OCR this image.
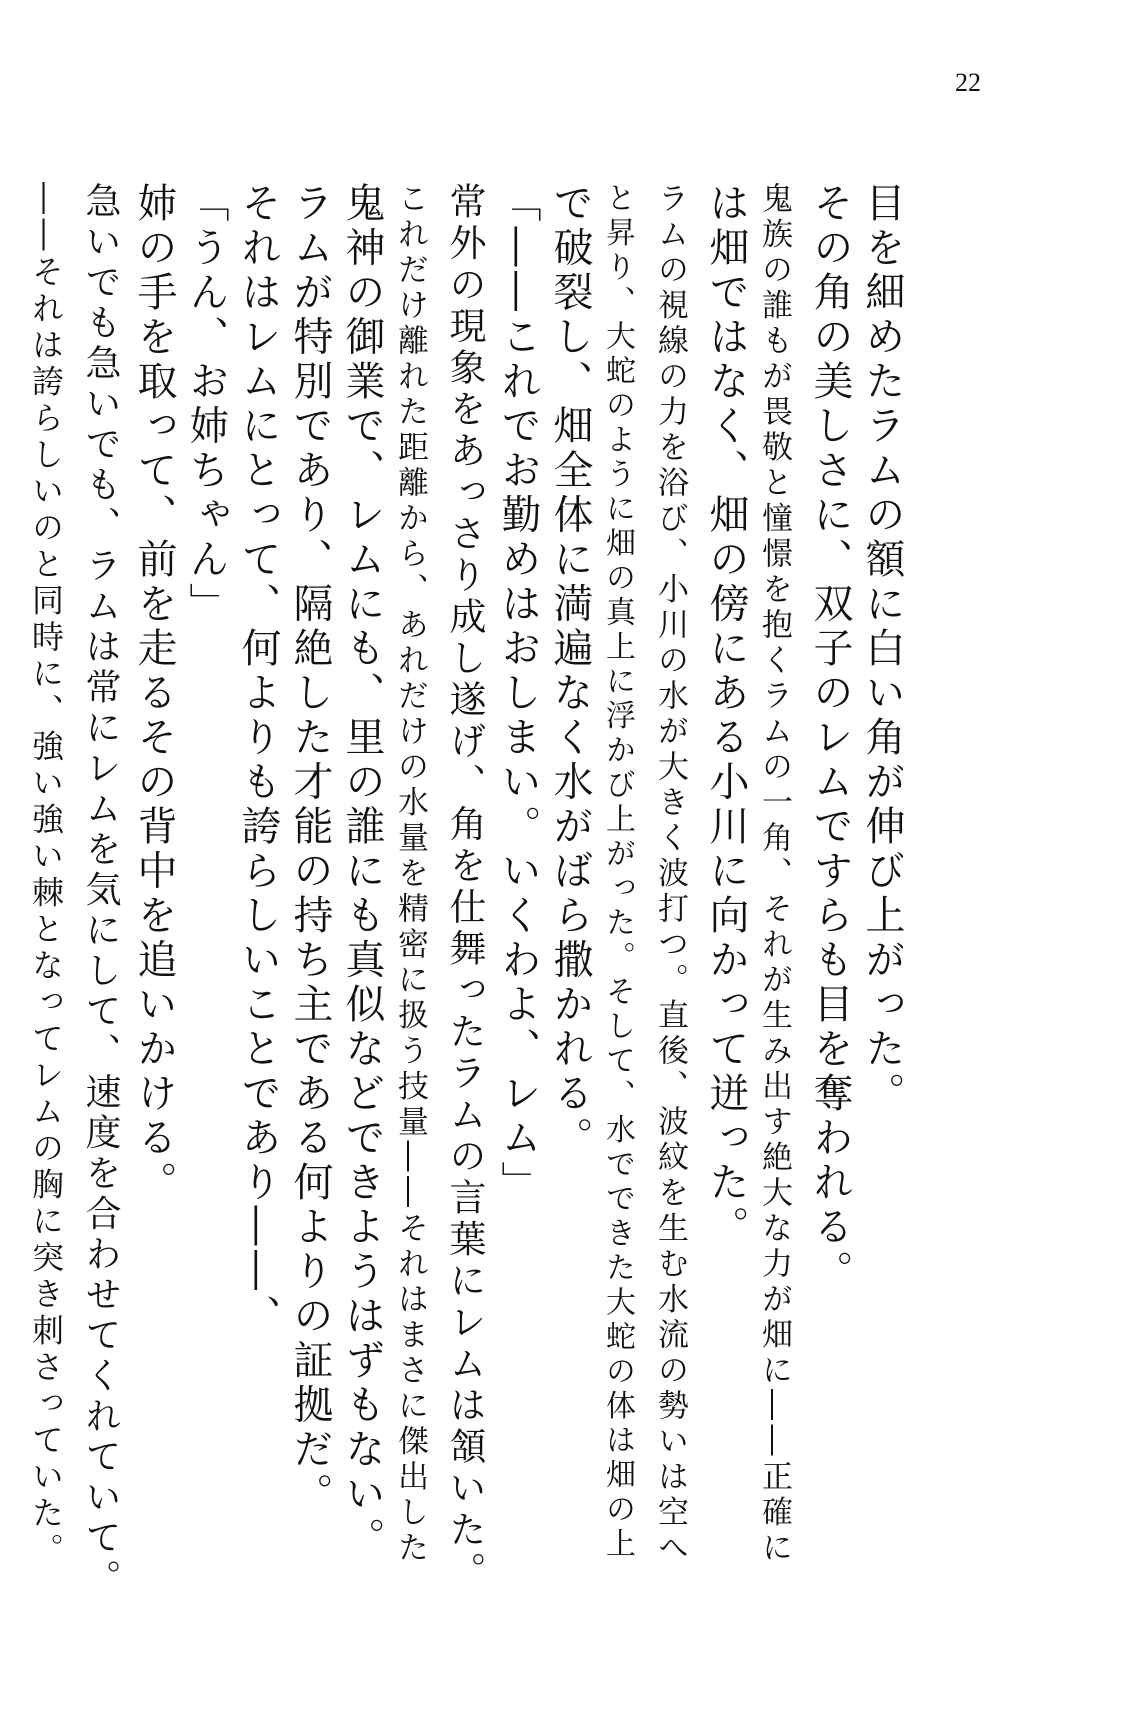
22
目を細めたラムの額に白い角が伸び上がった。
その角の美しさに、双子のレムですらも目を奪われる。
鬼族の誰もが畏敬と憧憬を抱くラムの一角、それが生み出す絶大な力が畑に――正確に
は畑ではなく、畑の傍にある小川に向かって迸った。
ラムの視線の力を浴び、小川の水が大きく波打つ。直後、波紋を生む水流の勢いは空へ
と昇り、大蛇のように畑の真上に浮かび上がった。そして、水でできた大蛇の体は畑の上
で破裂し、畑全体に満遍なく水がばら撒かれる。
「――これでお勤めはおしまい。いくわよ、レム」
常外の現象をあっさり成し遂げ、角を仕舞ったラムの言葉にレムは頷いた。
これだけ離れた距離から、あれだけの水量を精密に扱う技量――それはまさに傑出した
鬼神の御業で、レムにも、里の誰にも真似などできようはずもない。
ラムが特別であり、隔絶した才能の持ち主である何よりの証拠だ。
それはレムにとって、何よりも誇らしいことであり――、
「うん、お姉ちゃん」
姉の手を取って、前を走るその背中を追いかける。
急いでも急いでも、ラムは常にレムを気にして、速度を合わせてくれていて。
――それは誇らしいのと同時に、強い強い棘となってレムの胸に突き刺さっていた。
